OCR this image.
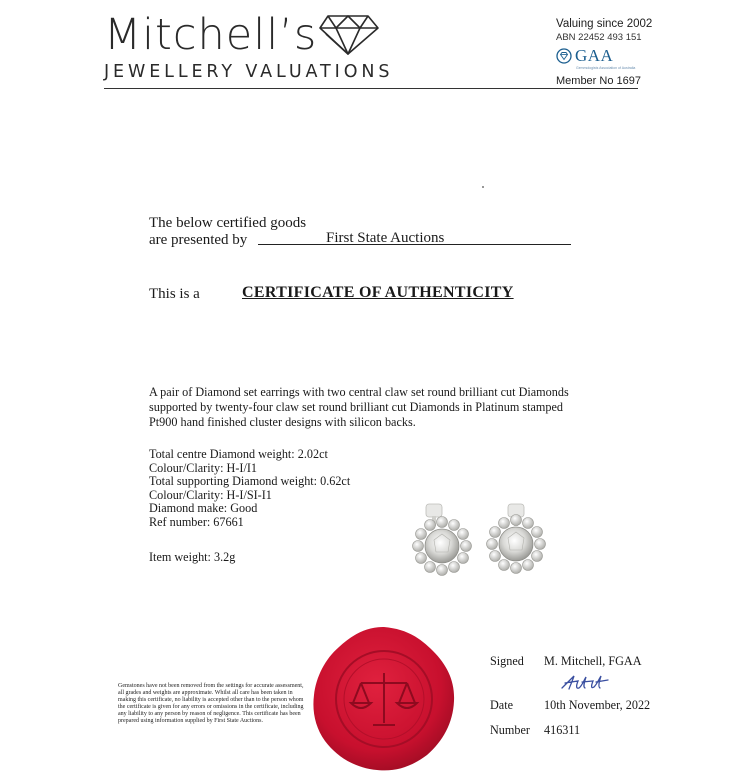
Mitchell’s
JEWELLERY VALUATIONS
Valuing since 2002
ABN 22452 493 151
GAA
Gemmologists Association of Australia
Member No 1697
The below certified goods
are presented by	First State Auctions
This is a	CERTIFICATE OF AUTHENTICITY
A pair of Diamond set earrings with two central claw set round brilliant cut Diamonds supported by twenty-four claw set round brilliant cut Diamonds in Platinum stamped Pt900 hand finished cluster designs with silicon backs.
Total centre Diamond weight: 2.02ct
Colour/Clarity: H-I/I1
Total supporting Diamond weight: 0.62ct
Colour/Clarity: H-I/SI-I1
Diamond make: Good
Ref number: 67661
Item weight: 3.2g
Gemstones have not been removed from the settings for accurate assessment, all grades and weights are approximate. Whilst all care has been taken in making this certificate, no liability is accepted other than to the person whom the certificate is given for any errors or omissions in the certificate, including any liability to any person by reason of negligence. This certificate has been prepared using information supplied by First State Auctions.
Signed M. Mitchell, FGAA
Date	10th November, 2022
Number 416311
